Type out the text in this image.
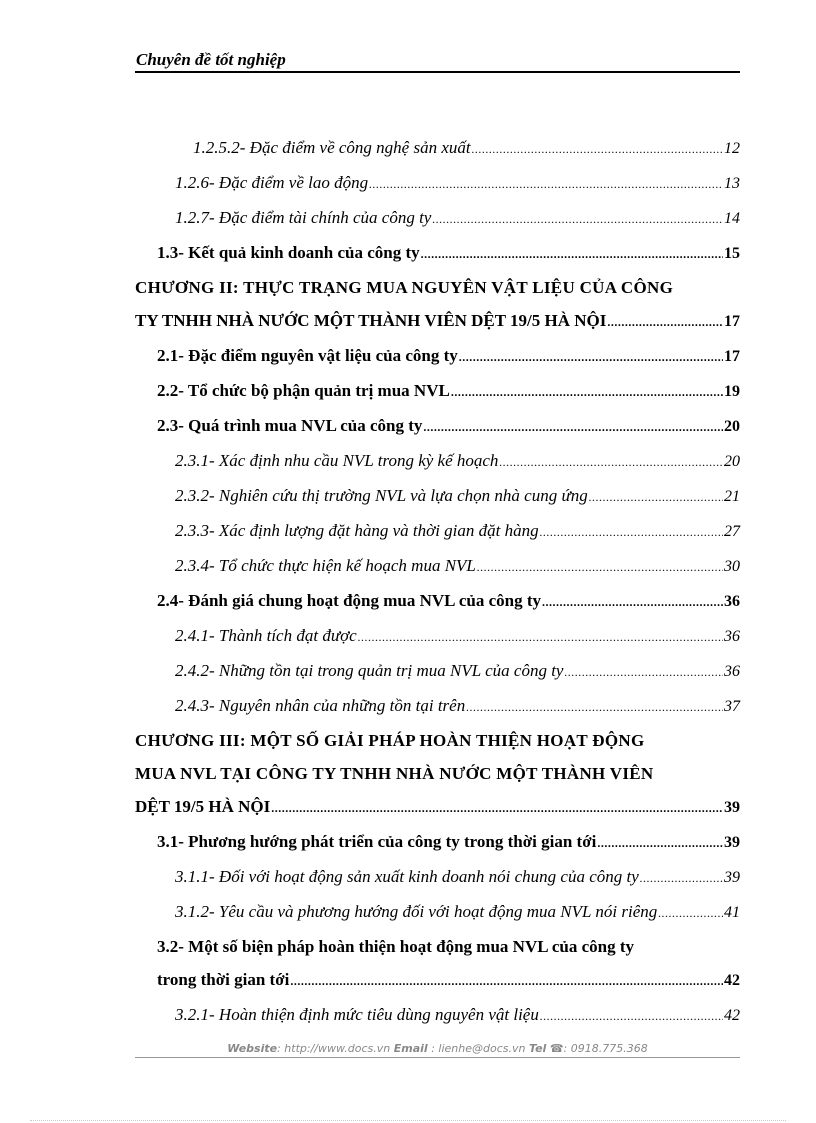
Chuyên đề tốt nghiệp
1.2.5.2- Đặc điểm về công nghệ sản xuất .....	12
1.2.6- Đặc điểm về lao động .....	13
1.2.7- Đặc điểm tài chính của công ty .....	14
1.3- Kết quả kinh doanh của công ty .....	15
CHƯƠNG II: THỰC TRẠNG MUA NGUYÊN VẬT LIỆU CỦA CÔNG
TY TNHH NHÀ NƯỚC MỘT THÀNH VIÊN DỆT 19/5 HÀ NỘI .....	17
2.1- Đặc điểm nguyên vật liệu của công ty .....	17
2.2- Tổ chức bộ phận quản trị mua NVL .....	19
2.3- Quá trình mua NVL của công ty .....	20
2.3.1- Xác định nhu cầu NVL trong kỳ kế hoạch .....	20
2.3.2- Nghiên cứu thị trường NVL và lựa chọn nhà cung ứng .....	21
2.3.3- Xác định lượng đặt hàng và thời gian đặt hàng .....	27
2.3.4- Tổ chức thực hiện kế hoạch mua NVL .....	30
2.4- Đánh giá chung hoạt động mua NVL của công ty .....	36
2.4.1- Thành tích đạt được .....	36
2.4.2- Những tồn tại trong quản trị mua NVL của công ty .....	36
2.4.3- Nguyên nhân của những tồn tại trên .....	37
CHƯƠNG III: MỘT SỐ GIẢI PHÁP HOÀN THIỆN HOẠT ĐỘNG
MUA NVL TẠI CÔNG TY TNHH NHÀ NƯỚC MỘT THÀNH VIÊN
DỆT 19/5 HÀ NỘI .....	39
3.1- Phương hướng phát triển của công ty trong thời gian tới .....	39
3.1.1- Đối với hoạt động sản xuất kinh doanh nói chung của công ty .....	39
3.1.2- Yêu cầu và phương hướng đối với hoạt động mua NVL nói riêng .....	41
3.2- Một số biện pháp hoàn thiện hoạt động mua NVL của công ty
trong thời gian tới .....	42
3.2.1- Hoàn thiện định mức tiêu dùng nguyên vật liệu .....	42
Website: http://www.docs.vn Email : lienhe@docs.vn Tel ☎: 0918.775.368
